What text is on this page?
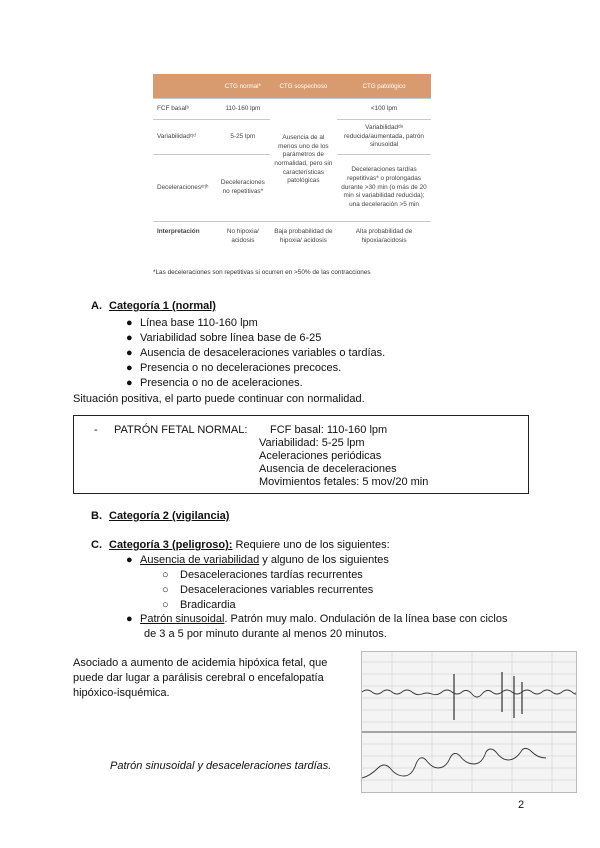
	CTG normal*	CTG sospechoso	CTG patológico
FCF basalᵇ	110-160 lpm	Ausencia de al menos uno de los parámetros de normalidad, pero sin características patológicas	<100 lpm
Variabilidadᶜʲᵈ	5-25 lpm		Variabilidadᵈᵃ reducida/aumentada, patrón sinusoidal
Deceleracionesᵉʳʲʰ	Deceleraciones no repetitivas*		Deceleraciones tardías repetitivas* o prolongadas durante >30 min (o más de 20 min si variabilidad reducida); una deceleración >5 min
Interpretación	No hipoxia/ acidosis	Baja probabilidad de hipoxia/ acidosis	Alta probabilidad de hipoxia/acidosis
*Las deceleraciones son repetitivas si ocurren en >50% de las contracciones
A. Categoría 1 (normal)
● Línea base 110-160 lpm
● Variabilidad sobre línea base de 6-25
● Ausencia de desaceleraciones variables o tardías.
● Presencia o no deceleraciones precoces.
● Presencia o no de aceleraciones.
Situación positiva, el parto puede continuar con normalidad.
- PATRÓN FETAL NORMAL: FCF basal: 110-160 lpm
Variabilidad: 5-25 lpm
Aceleraciones periódicas
Ausencia de deceleraciones
Movimientos fetales: 5 mov/20 min
B. Categoría 2 (vigilancia)
C. Categoría 3 (peligroso): Requiere uno de los siguientes:
● Ausencia de variabilidad y alguno de los siguientes
○ Desaceleraciones tardías recurrentes
○ Desaceleraciones variables recurrentes
○ Bradicardia
● Patrón sinusoidal. Patrón muy malo. Ondulación de la línea base con ciclos
de 3 a 5 por minuto durante al menos 20 minutos.
Asociado a aumento de acidemia hipóxica fetal, que
puede dar lugar a parálisis cerebral o encefalopatía
hipóxico-isquémica.
Patrón sinusoidal y desaceleraciones tardías.
2
